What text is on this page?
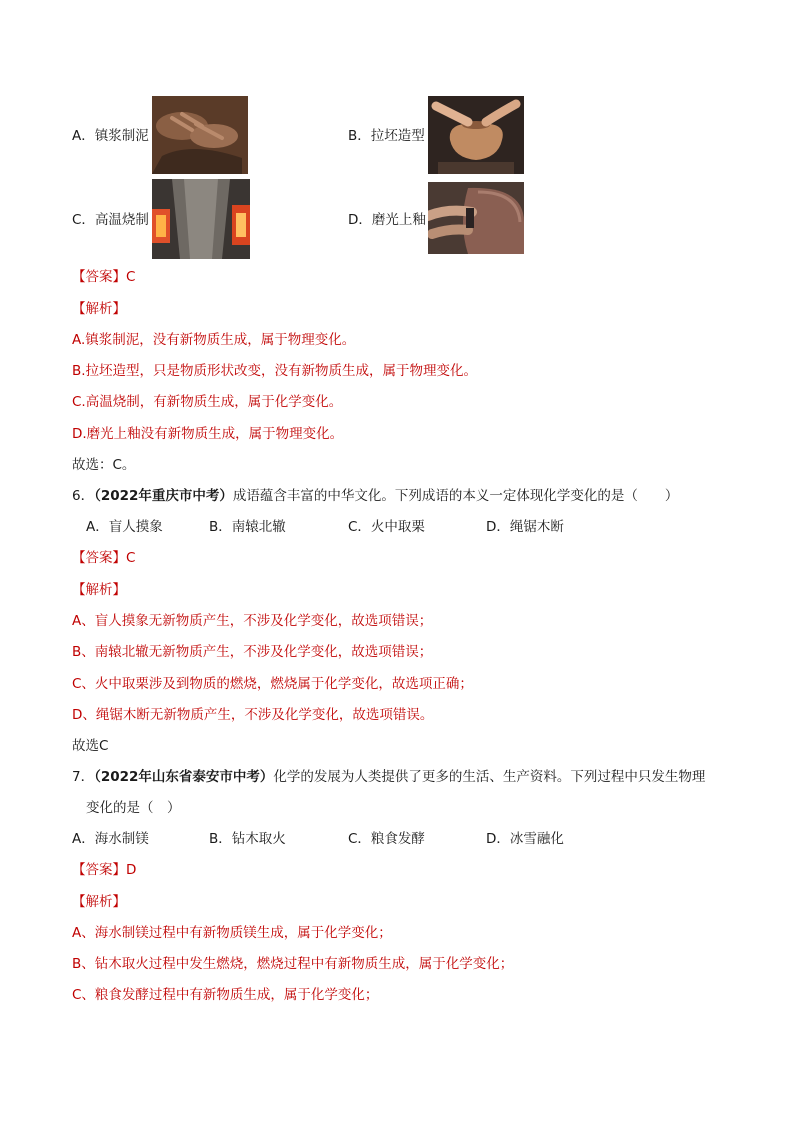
A．镇浆制泥	B．拉坯造型
C．高温烧制	D．磨光上釉
【答案】C
【解析】
A.镇浆制泥，没有新物质生成，属于物理变化。
B.拉坯造型，只是物质形状改变，没有新物质生成，属于物理变化。
C.高温烧制，有新物质生成，属于化学变化。
D.磨光上釉没有新物质生成，属于物理变化。
故选：C。
6．（2022年重庆市中考）成语蕴含丰富的中华文化。下列成语的本义一定体现化学变化的是（　　）
A．盲人摸象	B．南辕北辙	C．火中取栗	D．绳锯木断
【答案】C
【解析】
A、盲人摸象无新物质产生，不涉及化学变化，故选项错误；
B、南辕北辙无新物质产生，不涉及化学变化，故选项错误；
C、火中取栗涉及到物质的燃烧，燃烧属于化学变化，故选项正确；
D、绳锯木断无新物质产生，不涉及化学变化，故选项错误。
故选C
7．（2022年山东省泰安市中考）化学的发展为人类提供了更多的生活、生产资料。下列过程中只发生物理
变化的是（　）
A．海水制镁	B．钻木取火	C．粮食发酵	D．冰雪融化
【答案】D
【解析】
A、海水制镁过程中有新物质镁生成，属于化学变化；
B、钻木取火过程中发生燃烧，燃烧过程中有新物质生成，属于化学变化；
C、粮食发酵过程中有新物质生成，属于化学变化；
